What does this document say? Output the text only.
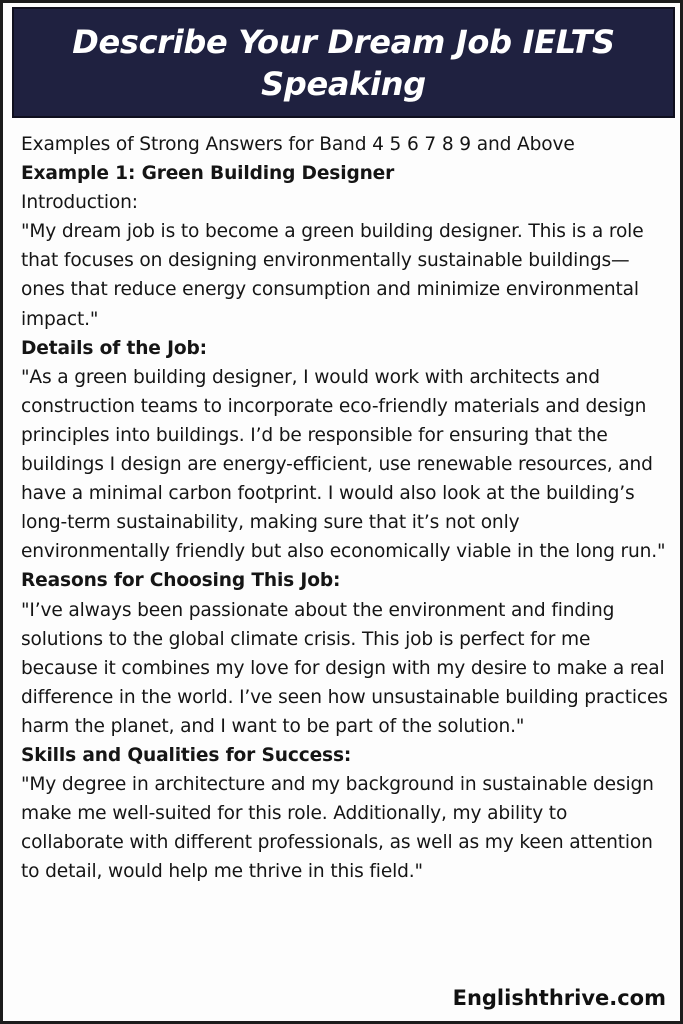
Describe Your Dream Job IELTS Speaking

Examples of Strong Answers for Band 4 5 6 7 8 9 and Above

Example 1: Green Building Designer

Introduction:

"My dream job is to become a green building designer. This is a role that focuses on designing environmentally sustainable buildings—ones that reduce energy consumption and minimize environmental impact."

Details of the Job:

"As a green building designer, I would work with architects and construction teams to incorporate eco-friendly materials and design principles into buildings. I’d be responsible for ensuring that the buildings I design are energy-efficient, use renewable resources, and have a minimal carbon footprint. I would also look at the building’s long-term sustainability, making sure that it’s not only environmentally friendly but also economically viable in the long run."

Reasons for Choosing This Job:

"I’ve always been passionate about the environment and finding solutions to the global climate crisis. This job is perfect for me because it combines my love for design with my desire to make a real difference in the world. I’ve seen how unsustainable building practices harm the planet, and I want to be part of the solution."

Skills and Qualities for Success:

"My degree in architecture and my background in sustainable design make me well-suited for this role. Additionally, my ability to collaborate with different professionals, as well as my keen attention to detail, would help me thrive in this field."

Englishthrive.com
